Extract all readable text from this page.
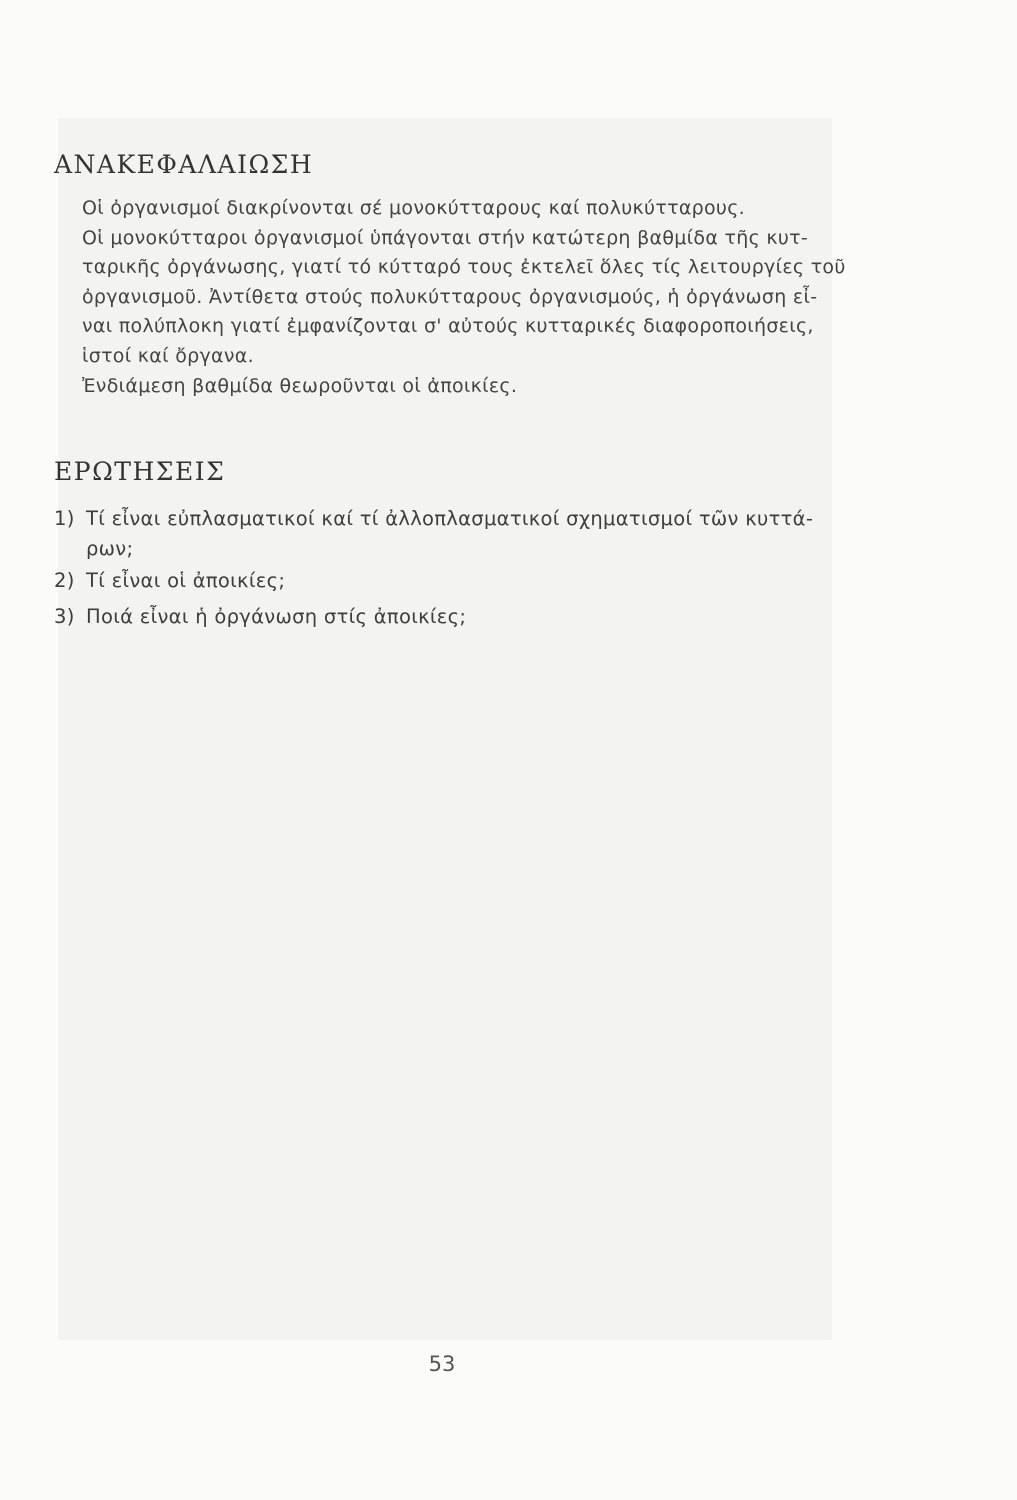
ΑΝΑΚΕΦΑΛΑΙΩΣΗ
Οἱ ὀργανισμοί διακρίνονται σέ μονοκύτταρους καί πολυκύτταρους.
Οἱ μονοκύτταροι ὀργανισμοί ὑπάγονται στήν κατώτερη βαθμίδα τῆς κυτ-
ταρικῆς ὀργάνωσης, γιατί τό κύτταρό τους ἐκτελεῖ ὅλες τίς λειτουργίες τοῦ
ὀργανισμοῦ. Ἀντίθετα στούς πολυκύτταρους ὀργανισμούς, ἡ ὀργάνωση εἶ-
ναι πολύπλοκη γιατί ἐμφανίζονται σ' αὐτούς κυτταρικές διαφοροποιήσεις,
ἱστοί καί ὄργανα.
Ἐνδιάμεση βαθμίδα θεωροῦνται οἱ ἀποικίες.
ΕΡΩΤΗΣΕΙΣ
1) Τί εἶναι εὐπλασματικοί καί τί ἀλλοπλασματικοί σχηματισμοί τῶν κυττά-
ρων;
2) Τί εἶναι οἱ ἀποικίες;
3) Ποιά εἶναι ἡ ὀργάνωση στίς ἀποικίες;
53
